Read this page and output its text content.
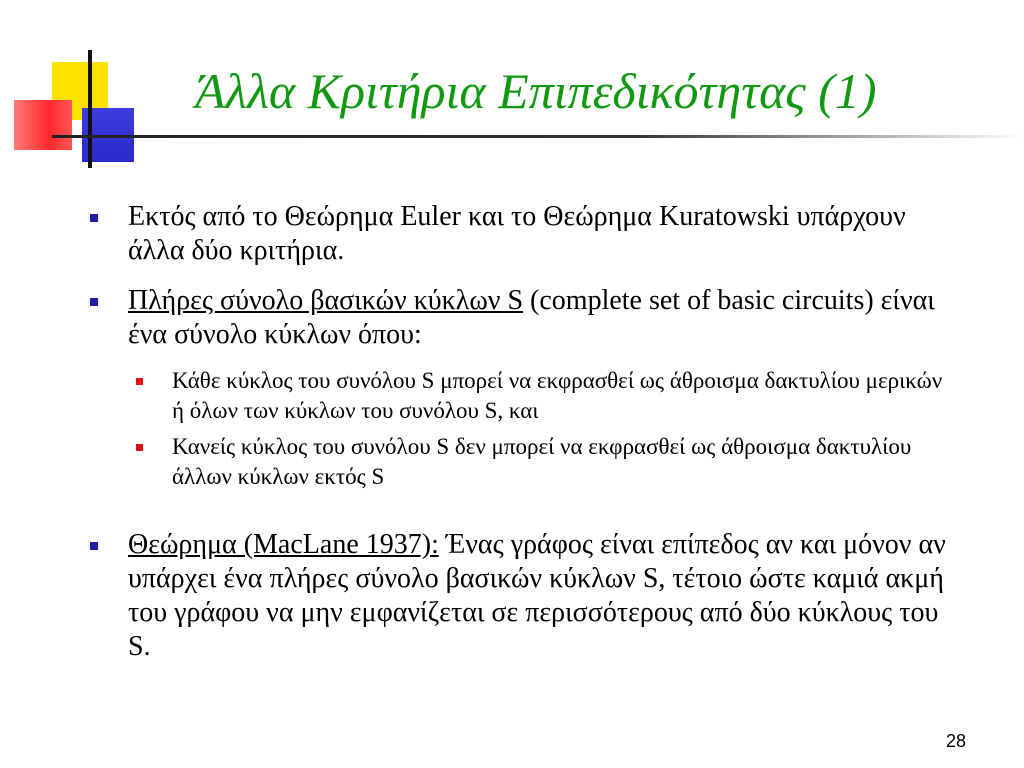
Άλλα Κριτήρια Επιπεδικότητας (1)
Εκτός από το Θεώρημα Euler και το Θεώρημα Kuratowski υπάρχουν άλλα δύο κριτήρια.
Πλήρες σύνολο βασικών κύκλων S (complete set of basic circuits) είναι ένα σύνολο κύκλων όπου:
Κάθε κύκλος του συνόλου S μπορεί να εκφρασθεί ως άθροισμα δακτυλίου μερικών ή όλων των κύκλων του συνόλου S, και
Κανείς κύκλος του συνόλου S δεν μπορεί να εκφρασθεί ως άθροισμα δακτυλίου άλλων κύκλων εκτός S
Θεώρημα (MacLane 1937): Ένας γράφος είναι επίπεδος αν και μόνον αν υπάρχει ένα πλήρες σύνολο βασικών κύκλων S, τέτοιο ώστε καμιά ακμή του γράφου να μην εμφανίζεται σε περισσότερους από δύο κύκλους του S.
28
